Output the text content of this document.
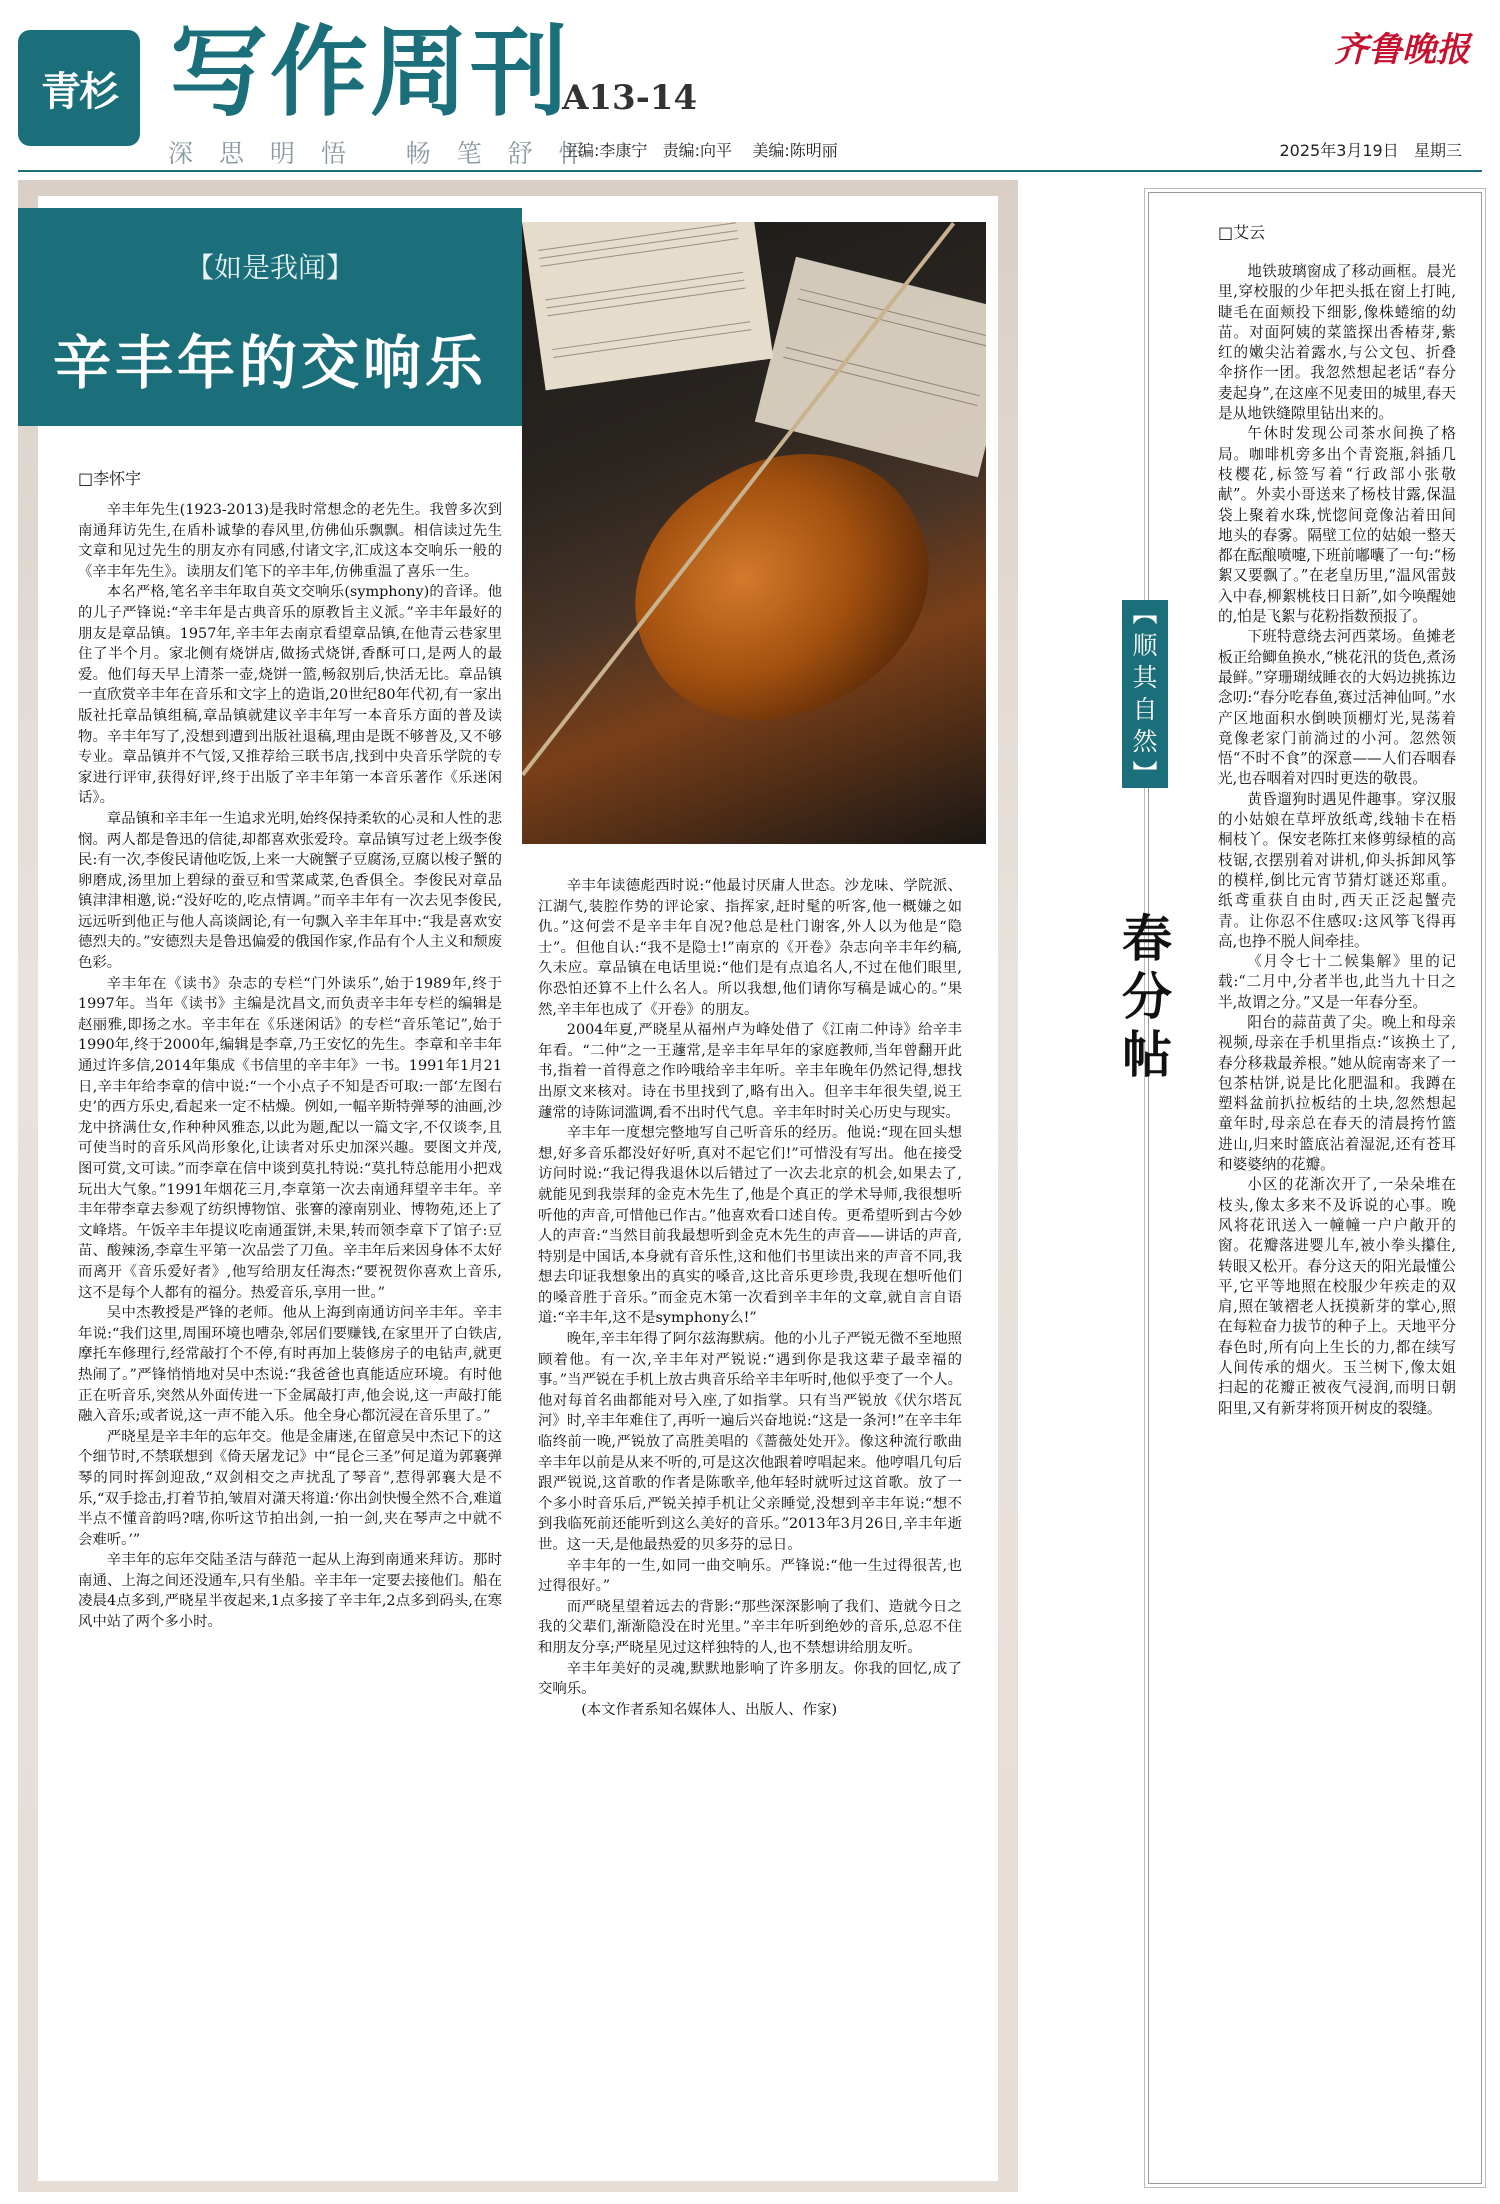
青杉 写作周刊
A13-14
齐鲁晚报
深 思 明 悟   畅 笔 舒 怀
主编:李康宁   责编:向平    美编:陈明丽	2025年3月19日   星期三
【如是我闻】
辛丰年的交响乐
□李怀宇

辛丰年先生(1923-2013)是我时常想念的老先生。我曾多次到南通拜访先生,在盾朴诚挚的春风里,仿佛仙乐飘飘。相信读过先生文章和见过先生的朋友亦有同感,付诸文字,汇成这本交响乐一般的《辛丰年先生》。读朋友们笔下的辛丰年,仿佛重温了喜乐一生。

本名严格,笔名辛丰年取自英文交响乐(symphony)的音译。他的儿子严锋说:“辛丰年是古典音乐的原教旨主义派。”辛丰年最好的朋友是章品镇。1957年,辛丰年去南京看望章品镇,在他青云巷家里住了半个月。家北侧有烧饼店,做扬式烧饼,香酥可口,是两人的最爱。他们每天早上清茶一壶,烧饼一篮,畅叙别后,快活无比。章品镇一直欣赏辛丰年在音乐和文字上的造诣,20世纪80年代初,有一家出版社托章品镇组稿,章品镇就建议辛丰年写一本音乐方面的普及读物。辛丰年写了,没想到遭到出版社退稿,理由是既不够普及,又不够专业。章品镇并不气馁,又推荐给三联书店,找到中央音乐学院的专家进行评审,获得好评,终于出版了辛丰年第一本音乐著作《乐迷闲话》。

章品镇和辛丰年一生追求光明,始终保持柔软的心灵和人性的悲悯。两人都是鲁迅的信徒,却都喜欢张爱玲。章品镇写过老上级李俊民:有一次,李俊民请他吃饭,上来一大碗蟹子豆腐汤,豆腐以梭子蟹的卵磨成,汤里加上碧绿的蚕豆和雪菜咸菜,色香俱全。李俊民对章品镇津津相邀,说:“没好吃的,吃点情调。”而辛丰年有一次去见李俊民,远远听到他正与他人高谈阔论,有一句飘入辛丰年耳中:“我是喜欢安德烈夫的。”安德烈夫是鲁迅偏爱的俄国作家,作品有个人主义和颓废色彩。

辛丰年在《读书》杂志的专栏“门外读乐”,始于1989年,终于1997年。当年《读书》主编是沈昌文,而负责辛丰年专栏的编辑是赵丽雅,即扬之水。辛丰年在《乐迷闲话》的专栏“音乐笔记”,始于1990年,终于2000年,编辑是李章,乃王安忆的先生。李章和辛丰年通过许多信,2014年集成《书信里的辛丰年》一书。1991年1月21日,辛丰年给李章的信中说:“一个小点子不知是否可取:一部‘左图右史’的西方乐史,看起来一定不枯燥。例如,一幅辛斯特弹琴的油画,沙龙中挤满仕女,作种种风雅态,以此为题,配以一篇文字,不仅谈李,且可使当时的音乐风尚形象化,让读者对乐史加深兴趣。要图文并茂,图可赏,文可读。”而李章在信中谈到莫扎特说:“莫扎特总能用小把戏玩出大气象。”1991年烟花三月,李章第一次去南通拜望辛丰年。辛丰年带李章去参观了纺织博物馆、张謇的濠南别业、博物苑,还上了文峰塔。午饭辛丰年提议吃南通蛋饼,未果,转而领李章下了馆子:豆苗、酸辣汤,李章生平第一次品尝了刀鱼。辛丰年后来因身体不太好而离开《音乐爱好者》,他写给朋友任海杰:“要祝贺你喜欢上音乐,这不是每个人都有的福分。热爱音乐,享用一世。”

吴中杰教授是严锋的老师。他从上海到南通访问辛丰年。辛丰年说:“我们这里,周围环境也嘈杂,邻居们要赚钱,在家里开了白铁店,摩托车修理行,经常敲打个不停,有时再加上装修房子的电钻声,就更热闹了。”严锋悄悄地对吴中杰说:“我爸爸也真能适应环境。有时他正在听音乐,突然从外面传进一下金属敲打声,他会说,这一声敲打能融入音乐;或者说,这一声不能入乐。他全身心都沉浸在音乐里了。”

严晓星是辛丰年的忘年交。他是金庸迷,在留意吴中杰记下的这个细节时,不禁联想到《倚天屠龙记》中“昆仑三圣”何足道为郭襄弹琴的同时挥剑迎敌,“双剑相交之声扰乱了琴音”,惹得郭襄大是不乐,“双手捻击,打着节拍,皱眉对潇天将道:‘你出剑快慢全然不合,难道半点不懂音韵吗?嗐,你听这节拍出剑,一拍一剑,夹在琴声之中就不会难听。’”

辛丰年的忘年交陆圣洁与薛范一起从上海到南通来拜访。那时南通、上海之间还没通车,只有坐船。辛丰年一定要去接他们。船在凌晨4点多到,严晓星半夜起来,1点多接了辛丰年,2点多到码头,在寒风中站了两个多小时。

辛丰年读德彪西时说:“他最讨厌庸人世态。沙龙味、学院派、江湖气,装腔作势的评论家、指挥家,赶时髦的听客,他一概嫌之如仇。”这何尝不是辛丰年自况?他总是杜门谢客,外人以为他是“隐士”。但他自认:“我不是隐士!”南京的《开卷》杂志向辛丰年约稿,久未应。章品镇在电话里说:“他们是有点追名人,不过在他们眼里,你恐怕还算不上什么名人。所以我想,他们请你写稿是诚心的。”果然,辛丰年也成了《开卷》的朋友。

2004年夏,严晓星从福州卢为峰处借了《江南二仲诗》给辛丰年看。“二仲”之一王蘧常,是辛丰年早年的家庭教师,当年曾翻开此书,指着一首得意之作吟哦给辛丰年听。辛丰年晚年仍然记得,想找出原文来核对。诗在书里找到了,略有出入。但辛丰年很失望,说王蘧常的诗陈词滥调,看不出时代气息。辛丰年时时关心历史与现实。

辛丰年一度想完整地写自己听音乐的经历。他说:“现在回头想想,好多音乐都没好好听,真对不起它们!”可惜没有写出。他在接受访问时说:“我记得我退休以后错过了一次去北京的机会,如果去了,就能见到我崇拜的金克木先生了,他是个真正的学术导师,我很想听听他的声音,可惜他已作古。”他喜欢看口述自传。更希望听到古今妙人的声音:“当然目前我最想听到金克木先生的声音——讲话的声音,特别是中国话,本身就有音乐性,这和他们书里读出来的声音不同,我想去印证我想象出的真实的嗓音,这比音乐更珍贵,我现在想听他们的嗓音胜于音乐。”而金克木第一次看到辛丰年的文章,就自言自语道:“辛丰年,这不是symphony么!”

晚年,辛丰年得了阿尔兹海默病。他的小儿子严锐无微不至地照顾着他。有一次,辛丰年对严锐说:“遇到你是我这辈子最幸福的事。”当严锐在手机上放古典音乐给辛丰年听时,他似乎变了一个人。他对每首名曲都能对号入座,了如指掌。只有当严锐放《伏尔塔瓦河》时,辛丰年难住了,再听一遍后兴奋地说:“这是一条河!”在辛丰年临终前一晚,严锐放了高胜美唱的《蔷薇处处开》。像这种流行歌曲辛丰年以前是从来不听的,可是这次他跟着哼唱起来。他哼唱几句后跟严锐说,这首歌的作者是陈歌辛,他年轻时就听过这首歌。放了一个多小时音乐后,严锐关掉手机让父亲睡觉,没想到辛丰年说:“想不到我临死前还能听到这么美好的音乐。”2013年3月26日,辛丰年逝世。这一天,是他最热爱的贝多芬的忌日。

辛丰年的一生,如同一曲交响乐。严锋说:“他一生过得很苦,也过得很好。”

而严晓星望着远去的背影:“那些深深影响了我们、造就今日之我的父辈们,渐渐隐没在时光里。”辛丰年听到绝妙的音乐,总忍不住和朋友分享;严晓星见过这样独特的人,也不禁想讲给朋友听。

辛丰年美好的灵魂,默默地影响了许多朋友。你我的回忆,成了交响乐。

(本文作者系知名媒体人、出版人、作家)

︻
顺
其
自
然
︼
春
分
帖
□艾云

地铁玻璃窗成了移动画框。晨光里,穿校服的少年把头抵在窗上打盹,睫毛在面颊投下细影,像株蜷缩的幼苗。对面阿姨的菜篮探出香椿芽,紫红的嫩尖沾着露水,与公文包、折叠伞挤作一团。我忽然想起老话“春分麦起身”,在这座不见麦田的城里,春天是从地铁缝隙里钻出来的。

午休时发现公司茶水间换了格局。咖啡机旁多出个青瓷瓶,斜插几枝樱花,标签写着“行政部小张敬献”。外卖小哥送来了杨枝甘露,保温袋上聚着水珠,恍惚间竟像沾着田间地头的春雾。隔壁工位的姑娘一整天都在酝酿喷嚏,下班前嘟囔了一句:“杨絮又要飘了。”在老皇历里,“温风雷鼓入中春,柳絮桃枝日日新”,如今唤醒她的,怕是飞絮与花粉指数预报了。

下班特意绕去河西菜场。鱼摊老板正给鲫鱼换水,“桃花汛的货色,煮汤最鲜。”穿珊瑚绒睡衣的大妈边挑拣边念叨:“春分吃春鱼,赛过活神仙呵。”水产区地面积水倒映顶棚灯光,晃荡着竟像老家门前淌过的小河。忽然领悟“不时不食”的深意——人们吞咽春光,也吞咽着对四时更迭的敬畏。

黄昏遛狗时遇见件趣事。穿汉服的小姑娘在草坪放纸鸢,线轴卡在梧桐枝丫。保安老陈扛来修剪绿植的高枝锯,衣摆别着对讲机,仰头拆卸风筝的模样,倒比元宵节猜灯谜还郑重。纸鸢重获自由时,西天正泛起蟹壳青。让你忍不住感叹:这风筝飞得再高,也挣不脱人间牵挂。

《月令七十二候集解》里的记载:“二月中,分者半也,此当九十日之半,故谓之分。”又是一年春分至。

阳台的蒜苗黄了尖。晚上和母亲视频,母亲在手机里指点:“该换土了,春分移栽最养根。”她从皖南寄来了一包茶枯饼,说是比化肥温和。我蹲在塑料盆前扒拉板结的土块,忽然想起童年时,母亲总在春天的清晨挎竹篮进山,归来时篮底沾着湿泥,还有苍耳和婆婆纳的花瓣。

小区的花渐次开了,一朵朵堆在枝头,像太多来不及诉说的心事。晚风将花讯送入一幢幢一户户敞开的窗。花瓣落进婴儿车,被小拳头攥住,转眼又松开。春分这天的阳光最懂公平,它平等地照在校服少年疾走的双肩,照在皱褶老人抚摸新芽的掌心,照在每粒奋力拔节的种子上。天地平分春色时,所有向上生长的力,都在续写人间传承的烟火。玉兰树下,像太姐扫起的花瓣正被夜气浸润,而明日朝阳里,又有新芽将顶开树皮的裂缝。
